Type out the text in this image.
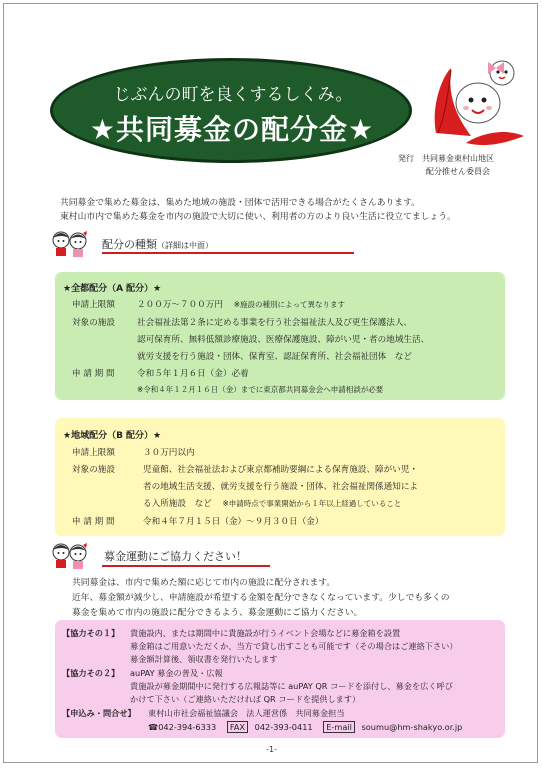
じぶんの町を良くするしくみ。
★共同募金の配分金★
発行　共同募金東村山地区
配分推せん委員会
共同募金で集めた募金は、集めた地域の施設・団体で活用できる場合がたくさんあります。
東村山市内で集めた募金を市内の施設で大切に使い、利用者の方のより良い生活に役立てましょう。
配分の種類（詳細は中面）
★全都配分（A 配分）★
申請上限額	２００万～７００万円 ※施設の種別によって異なります
対象の施設	社会福祉法第２条に定める事業を行う社会福祉法人及び更生保護法人、
認可保育所、無料低額診療施設、医療保護施設、障がい児・者の地域生活、
就労支援を行う施設・団体、保育室、認証保育所、社会福祉団体　など
申 請 期 間	令和５年１月６日（金）必着
※令和４年１２月１６日（金）までに東京都共同募金会へ申請相談が必要
★地域配分（B 配分）★
申請上限額	３０万円以内
対象の施設	児童館、社会福祉法および東京都補助要綱による保育施設、障がい児・
者の地域生活支援、就労支援を行う施設・団体、社会福祉関係通知によ
る入所施設　など ※申請時点で事業開始から１年以上経過していること
申 請 期 間	令和４年７月１５日（金）～９月３０日（金）
募金運動にご協力ください！
共同募金は、市内で集めた額に応じて市内の施設に配分されます。
近年、募金額が減少し、申請施設が希望する金額を配分できなくなっています。少しでも多くの
募金を集めて市内の施設に配分できるよう、募金運動にご協力ください。
【協力その１】 貴施設内、または期間中に貴施設が行うイベント会場などに募金箱を設置
募金箱はご用意いただくか、当方で貸し出すことも可能です（その場合はご連絡下さい）
募金額計算後、領収書を発行いたします
【協力その２】 auPAY 募金の普及・広報
貴施設が募金期間中に発行する広報誌等に auPAY QR コードを添付し、募金を広く呼び
かけて下さい（ご連絡いただければ QR コードを提供します）
【申込み・問合せ】 東村山市社会福祉協議会　法人運営係　共同募金担当
☎042-394-6333 FAX 042-393-0411 E-mail soumu@hm-shakyo.or.jp
-1-
